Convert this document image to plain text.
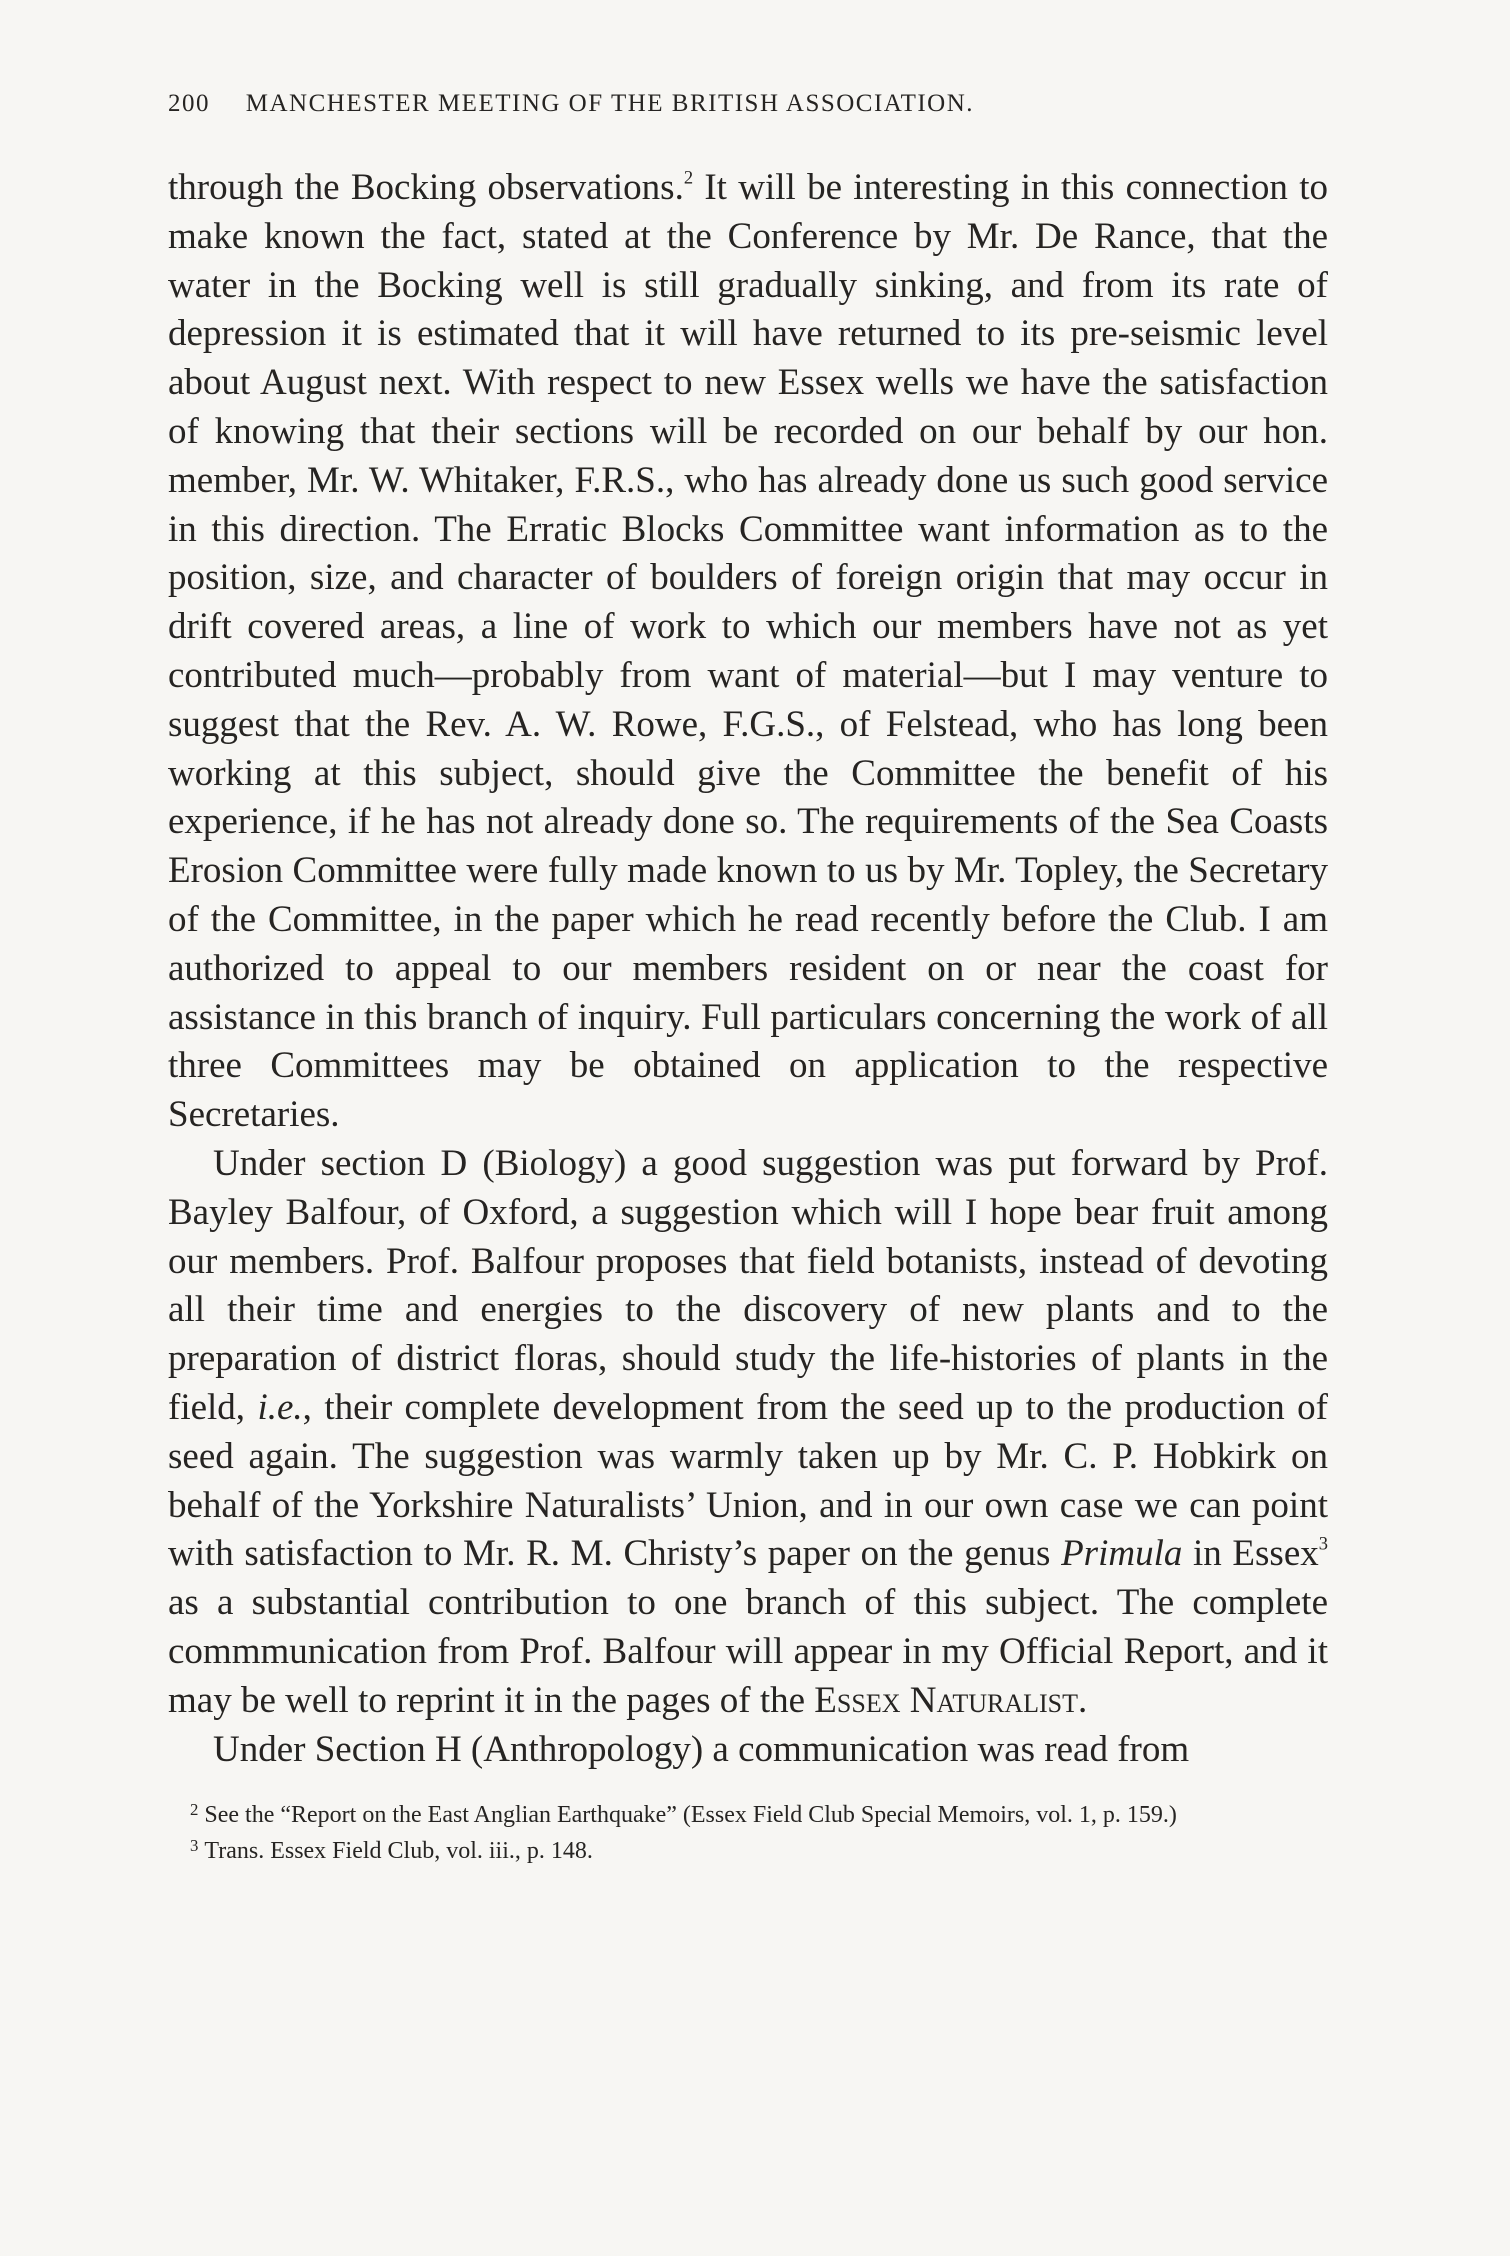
200 MANCHESTER MEETING OF THE BRITISH ASSOCIATION.

through the Bocking observations.$^2$ It will be interesting in this connection to make known the fact, stated at the Conference by Mr. De Rance, that the water in the Bocking well is still gradually sinking, and from its rate of depression it is estimated that it will have returned to its pre-seismic level about August next. With respect to new Essex wells we have the satisfaction of knowing that their sections will be recorded on our behalf by our hon. member, Mr. W. Whitaker, F.R.S., who has already done us such good service in this direction. The Erratic Blocks Committee want information as to the position, size, and character of boulders of foreign origin that may occur in drift covered areas, a line of work to which our members have not as yet contributed much—probably from want of material—but I may venture to suggest that the Rev. A. W. Rowe, F.G.S., of Felstead, who has long been working at this subject, should give the Committee the benefit of his experience, if he has not already done so. The requirements of the Sea Coasts Erosion Committee were fully made known to us by Mr. Topley, the Secretary of the Committee, in the paper which he read recently before the Club. I am authorized to appeal to our members resident on or near the coast for assistance in this branch of inquiry. Full particulars concerning the work of all three Committees may be obtained on application to the respective Secretaries.

Under section D (Biology) a good suggestion was put forward by Prof. Bayley Balfour, of Oxford, a suggestion which will I hope bear fruit among our members. Prof. Balfour proposes that field botanists, instead of devoting all their time and energies to the discovery of new plants and to the preparation of district floras, should study the life-histories of plants in the field, i.e., their complete development from the seed up to the production of seed again. The suggestion was warmly taken up by Mr. C. P. Hobkirk on behalf of the Yorkshire Naturalists’ Union, and in our own case we can point with satisfaction to Mr. R. M. Christy’s paper on the genus Primula in Essex$^3$ as a substantial contribution to one branch of this subject. The complete commmunication from Prof. Balfour will appear in my Official Report, and it may be well to reprint it in the pages of the Essex Naturalist.

Under Section H (Anthropology) a communication was read from

$^2$ See the “Report on the East Anglian Earthquake” (Essex Field Club Special Memoirs, vol. 1, p. 159.)

$^3$ Trans. Essex Field Club, vol. iii., p. 148.
